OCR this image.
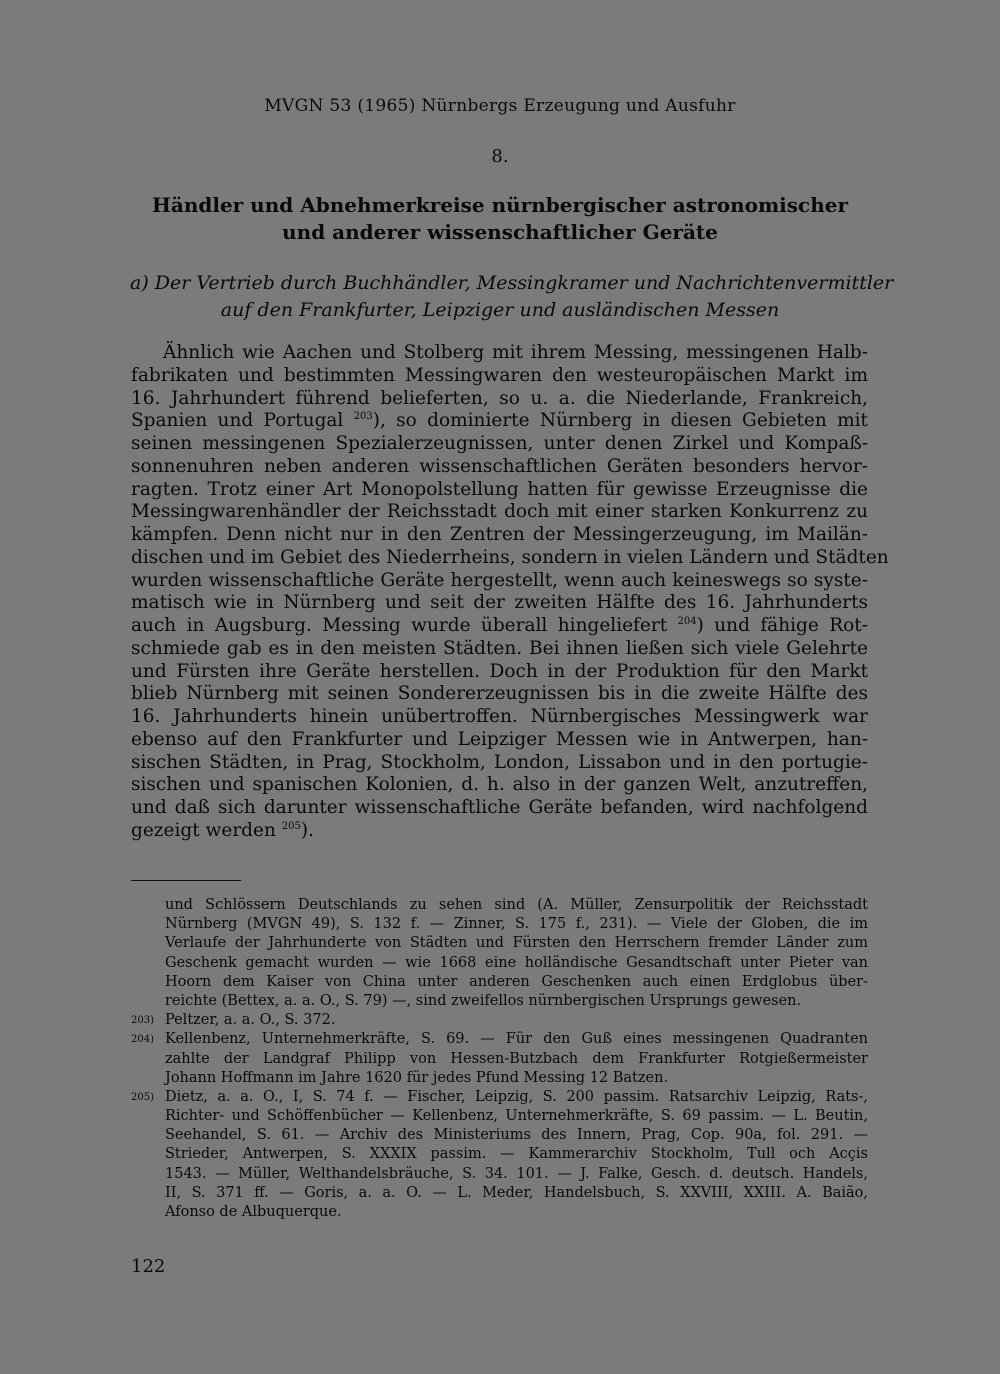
MVGN 53 (1965) Nürnbergs Erzeugung und Ausfuhr
8.
Händler und Abnehmerkreise nürnbergischer astronomischer
und anderer wissenschaftlicher Geräte
a) Der Vertrieb durch Buchhändler, Messingkramer und Nachrichtenvermittler
auf den Frankfurter, Leipziger und ausländischen Messen
Ähnlich wie Aachen und Stolberg mit ihrem Messing, messingenen Halb-
fabrikaten und bestimmten Messingwaren den westeuropäischen Markt im
16. Jahrhundert führend belieferten, so u. a. die Niederlande, Frankreich,
Spanien und Portugal $^{203}$), so dominierte Nürnberg in diesen Gebieten mit
seinen messingenen Spezialerzeugnissen, unter denen Zirkel und Kompaß-
sonnenuhren neben anderen wissenschaftlichen Geräten besonders hervor-
ragten. Trotz einer Art Monopolstellung hatten für gewisse Erzeugnisse die
Messingwarenhändler der Reichsstadt doch mit einer starken Konkurrenz zu
kämpfen. Denn nicht nur in den Zentren der Messingerzeugung, im Mailän-
dischen und im Gebiet des Niederrheins, sondern in vielen Ländern und Städten
wurden wissenschaftliche Geräte hergestellt, wenn auch keineswegs so syste-
matisch wie in Nürnberg und seit der zweiten Hälfte des 16. Jahrhunderts
auch in Augsburg. Messing wurde überall hingeliefert $^{204}$) und fähige Rot-
schmiede gab es in den meisten Städten. Bei ihnen ließen sich viele Gelehrte
und Fürsten ihre Geräte herstellen. Doch in der Produktion für den Markt
blieb Nürnberg mit seinen Sondererzeugnissen bis in die zweite Hälfte des
16. Jahrhunderts hinein unübertroffen. Nürnbergisches Messingwerk war
ebenso auf den Frankfurter und Leipziger Messen wie in Antwerpen, han-
sischen Städten, in Prag, Stockholm, London, Lissabon und in den portugie-
sischen und spanischen Kolonien, d. h. also in der ganzen Welt, anzutreffen,
und daß sich darunter wissenschaftliche Geräte befanden, wird nachfolgend
gezeigt werden $^{205}$).
und Schlössern Deutschlands zu sehen sind (A. Müller, Zensurpolitik der Reichsstadt
Nürnberg (MVGN 49), S. 132 f. — Zinner, S. 175 f., 231). — Viele der Globen, die im
Verlaufe der Jahrhunderte von Städten und Fürsten den Herrschern fremder Länder zum
Geschenk gemacht wurden — wie 1668 eine holländische Gesandtschaft unter Pieter van
Hoorn dem Kaiser von China unter anderen Geschenken auch einen Erdglobus über-
reichte (Bettex, a. a. O., S. 79) —, sind zweifellos nürnbergischen Ursprungs gewesen.
203) Peltzer, a. a. O., S. 372.
204) Kellenbenz, Unternehmerkräfte, S. 69. — Für den Guß eines messingenen Quadranten
zahlte der Landgraf Philipp von Hessen-Butzbach dem Frankfurter Rotgießermeister
Johann Hoffmann im Jahre 1620 für jedes Pfund Messing 12 Batzen.
205) Dietz, a. a. O., I, S. 74 f. — Fischer, Leipzig, S. 200 passim. Ratsarchiv Leipzig, Rats-,
Richter- und Schöffenbücher — Kellenbenz, Unternehmerkräfte, S. 69 passim. — L. Beutin,
Seehandel, S. 61. — Archiv des Ministeriums des Innern, Prag, Cop. 90a, fol. 291. —
Strieder, Antwerpen, S. XXXIX passim. — Kammerarchiv Stockholm, Tull och Acçis
1543. — Müller, Welthandelsbräuche, S. 34. 101. — J. Falke, Gesch. d. deutsch. Handels,
II, S. 371 ff. — Goris, a. a. O. — L. Meder, Handelsbuch, S. XXVIII, XXIII. A. Baião,
Afonso de Albuquerque.
122
